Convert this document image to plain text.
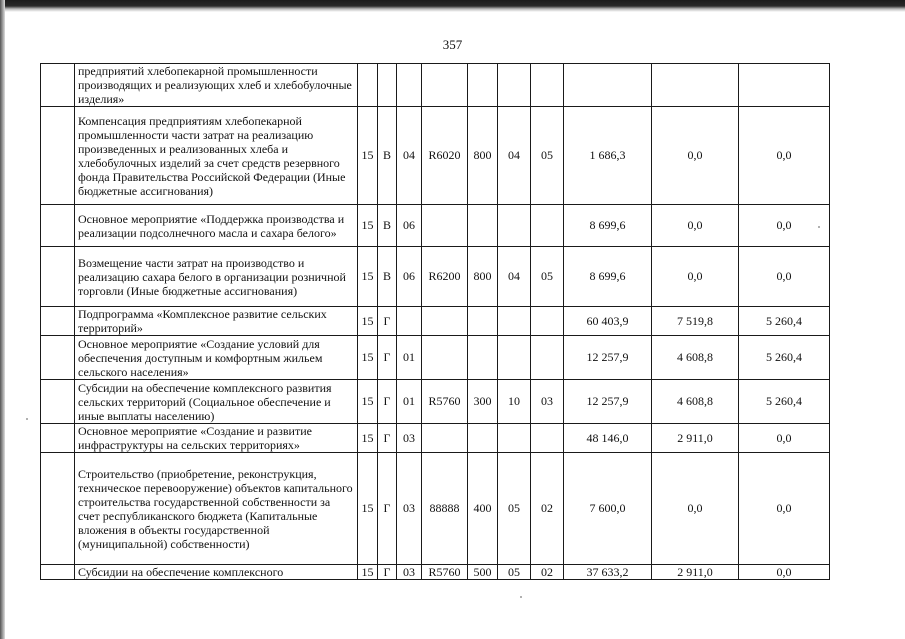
357
	предприятий хлебопекарной промышленности производящих и реализующих хлеб и хлебобулочные изделия»										
	Компенсация предприятиям хлебопекарной промышленности части затрат на реализацию произведенных и реализованных хлеба и хлебобулочных изделий за счет средств резервного фонда Правительства Российской Федерации (Иные бюджетные ассигнования)	15	В	04	R6020	800	04	05	1 686,3	0,0	0,0
	Основное мероприятие «Поддержка производства и реализации подсолнечного масла и сахара белого»	15	В	06					8 699,6	0,0	0,0
	Возмещение части затрат на производство и реализацию сахара белого в организации розничной торговли (Иные бюджетные ассигнования)	15	В	06	R6200	800	04	05	8 699,6	0,0	0,0
	Подпрограмма «Комплексное развитие сельских территорий»	15	Г						60 403,9	7 519,8	5 260,4
	Основное мероприятие «Создание условий для обеспечения доступным и комфортным жильем сельского населения»	15	Г	01					12 257,9	4 608,8	5 260,4
	Субсидии на обеспечение комплексного развития сельских территорий (Социальное обеспечение и иные выплаты населению)	15	Г	01	R5760	300	10	03	12 257,9	4 608,8	5 260,4
	Основное мероприятие «Создание и развитие инфраструктуры на сельских территориях»	15	Г	03					48 146,0	2 911,0	0,0
	Строительство (приобретение, реконструкция, техническое перевооружение) объектов капитального строительства государственной собственности за счет республиканского бюджета (Капитальные вложения в объекты государственной (муниципальной) собственности)	15	Г	03	88888	400	05	02	7 600,0	0,0	0,0
	Субсидии на обеспечение комплексного	15	Г	03	R5760	500	05	02	37 633,2	2 911,0	0,0
